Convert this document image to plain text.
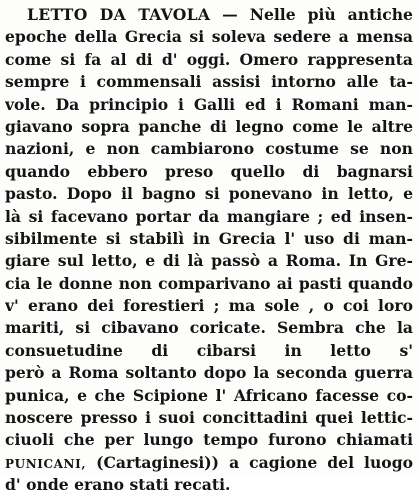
LETTO DA TAVOLA — Nelle più antiche
epoche della Grecia si soleva sedere a mensa
come si fa al di d' oggi. Omero rappresenta
sempre i commensali assisi intorno alle ta-
vole. Da principio i Galli ed i Romani man-
giavano sopra panche di legno come le altre
nazioni, e non cambiarono costume se non
quando ebbero preso quello di bagnarsi
pasto. Dopo il bagno si ponevano in letto, e
là si facevano portar da mangiare ; ed insen-
sibilmente si stabilì in Grecia l' uso di man-
giare sul letto, e di là passò a Roma. In Gre-
cia le donne non comparivano ai pasti quando
v' erano dei forestieri ; ma sole , o coi loro
mariti, si cibavano coricate. Sembra che la
consuetudine di cibarsi in letto s'
però a Roma soltanto dopo la seconda guerra
punica, e che Scipione l' Africano facesse co-
noscere presso i suoi concittadini quei lettic-
ciuoli che per lungo tempo furono chiamati
PUNICANI, (Cartaginesi)) a cagione del luogo
d' onde erano stati recati.
